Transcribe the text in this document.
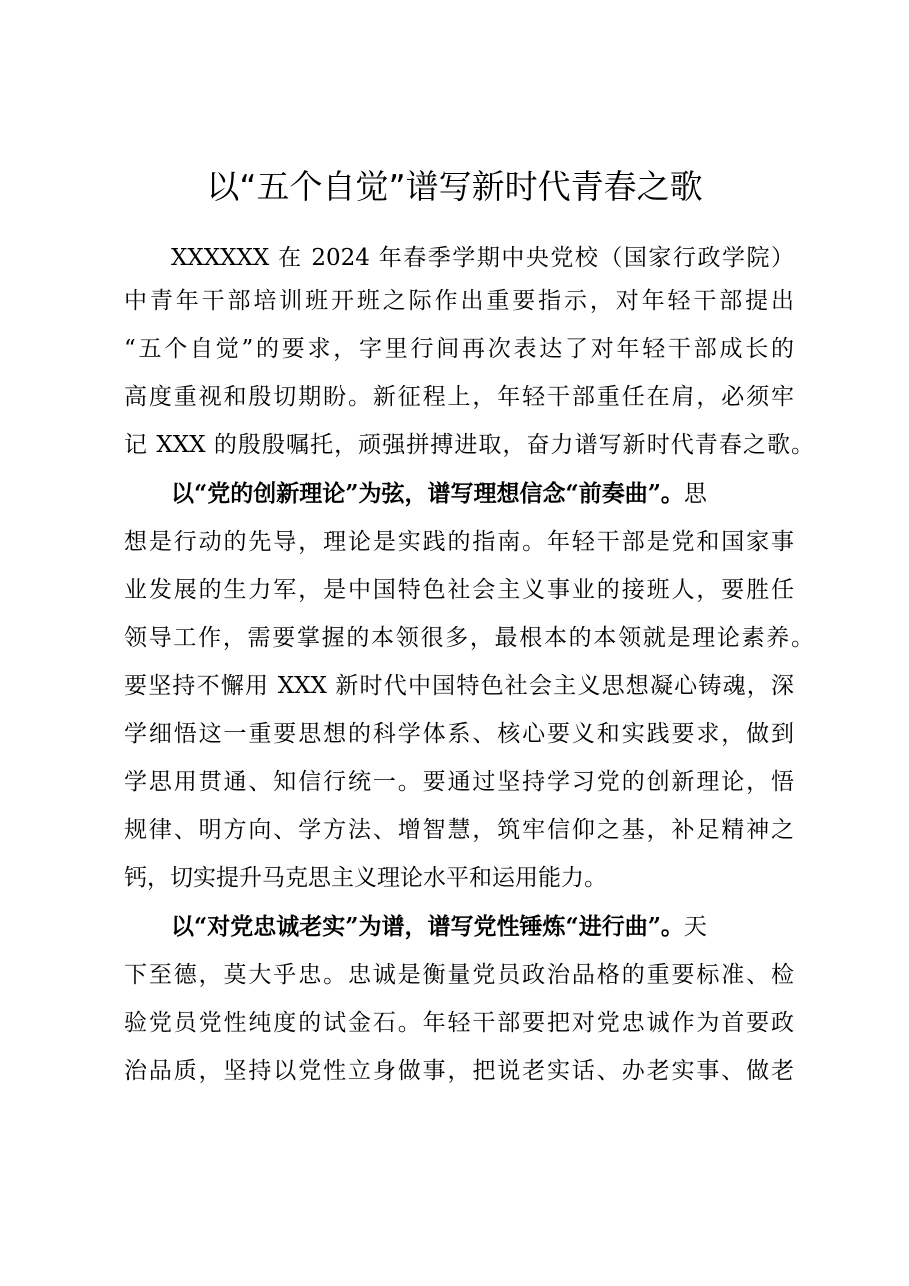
以“五个自觉”谱写新时代青春之歌

XXXXXX 在 2024 年春季学期中央党校（国家行政学院）

中青年干部培训班开班之际作出重要指示，对年轻干部提出

“五个自觉”的要求，字里行间再次表达了对年轻干部成长的

高度重视和殷切期盼。新征程上，年轻干部重任在肩，必须牢

记 XXX 的殷殷嘱托，顽强拼搏进取，奋力谱写新时代青春之歌。

以“党的创新理论”为弦，谱写理想信念“前奏曲”。思

想是行动的先导，理论是实践的指南。年轻干部是党和国家事

业发展的生力军，是中国特色社会主义事业的接班人，要胜任

领导工作，需要掌握的本领很多，最根本的本领就是理论素养。

要坚持不懈用 XXX 新时代中国特色社会主义思想凝心铸魂，深

学细悟这一重要思想的科学体系、核心要义和实践要求，做到

学思用贯通、知信行统一。要通过坚持学习党的创新理论，悟

规律、明方向、学方法、增智慧，筑牢信仰之基，补足精神之

钙，切实提升马克思主义理论水平和运用能力。

以“对党忠诚老实”为谱，谱写党性锤炼“进行曲”。天

下至德，莫大乎忠。忠诚是衡量党员政治品格的重要标准、检

验党员党性纯度的试金石。年轻干部要把对党忠诚作为首要政

治品质，坚持以党性立身做事，把说老实话、办老实事、做老
